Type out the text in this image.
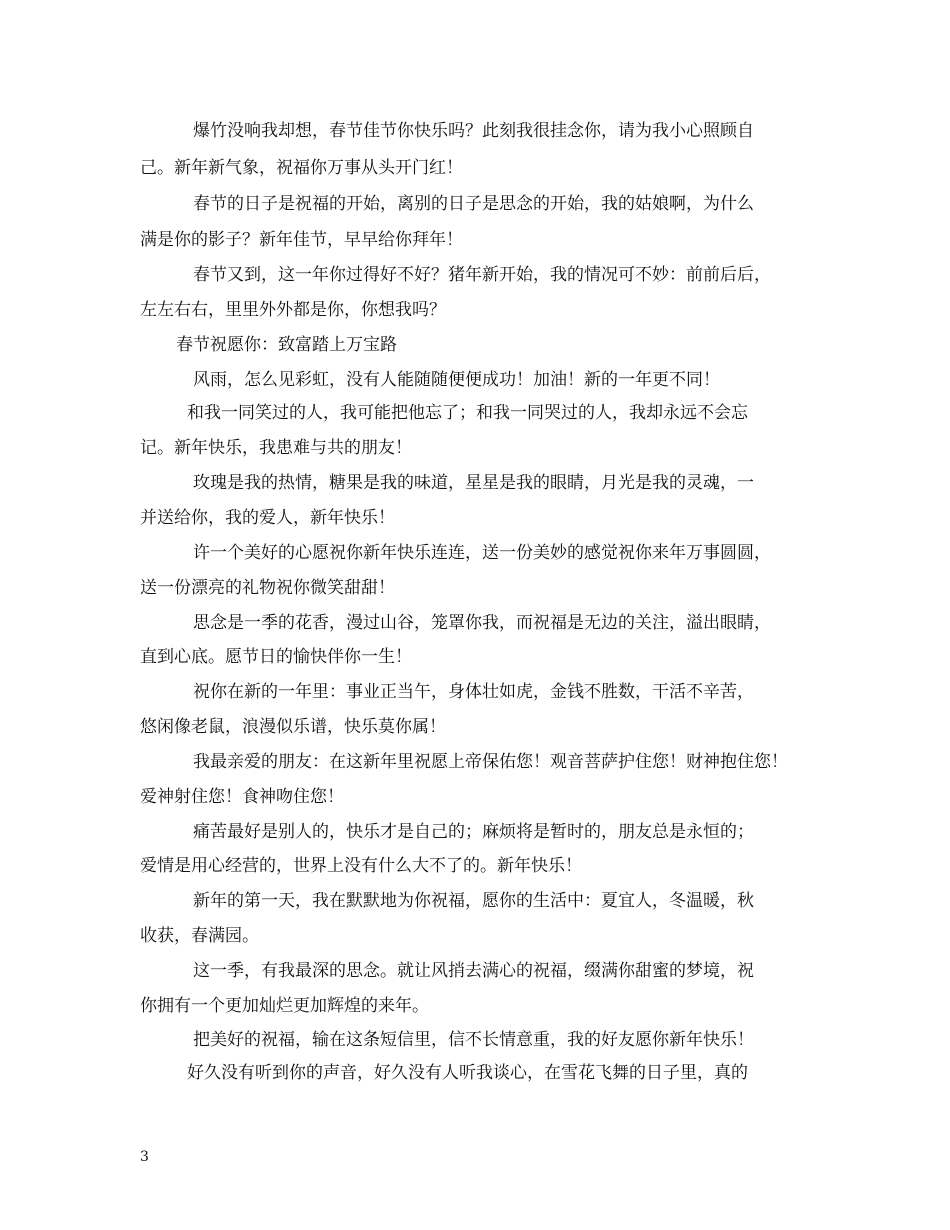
爆竹没响我却想，春节佳节你快乐吗？此刻我很挂念你，请为我小心照顾自
己。新年新气象，祝福你万事从头开门红！
春节的日子是祝福的开始，离别的日子是思念的开始，我的姑娘啊，为什么
满是你的影子？新年佳节，早早给你拜年！
春节又到，这一年你过得好不好？猪年新开始，我的情况可不妙：前前后后，
左左右右，里里外外都是你，你想我吗？
春节祝愿你：致富踏上万宝路
风雨，怎么见彩虹，没有人能随随便便成功！加油！新的一年更不同！
和我一同笑过的人，我可能把他忘了；和我一同哭过的人，我却永远不会忘
记。新年快乐，我患难与共的朋友！
玫瑰是我的热情，糖果是我的味道，星星是我的眼睛，月光是我的灵魂，一
并送给你，我的爱人，新年快乐！
许一个美好的心愿祝你新年快乐连连，送一份美妙的感觉祝你来年万事圆圆，
送一份漂亮的礼物祝你微笑甜甜！
思念是一季的花香，漫过山谷，笼罩你我，而祝福是无边的关注，溢出眼睛，
直到心底。愿节日的愉快伴你一生！
祝你在新的一年里：事业正当午，身体壮如虎，金钱不胜数，干活不辛苦，
悠闲像老鼠，浪漫似乐谱，快乐莫你属！
我最亲爱的朋友：在这新年里祝愿上帝保佑您！观音菩萨护住您！财神抱住您！
爱神射住您！食神吻住您！
痛苦最好是别人的，快乐才是自己的；麻烦将是暂时的，朋友总是永恒的；
爱情是用心经营的，世界上没有什么大不了的。新年快乐！
新年的第一天，我在默默地为你祝福，愿你的生活中：夏宜人，冬温暖，秋
收获，春满园。
这一季，有我最深的思念。就让风捎去满心的祝福，缀满你甜蜜的梦境，祝
你拥有一个更加灿烂更加辉煌的来年。
把美好的祝福，输在这条短信里，信不长情意重，我的好友愿你新年快乐！
好久没有听到你的声音，好久没有人听我谈心，在雪花飞舞的日子里，真的
3
